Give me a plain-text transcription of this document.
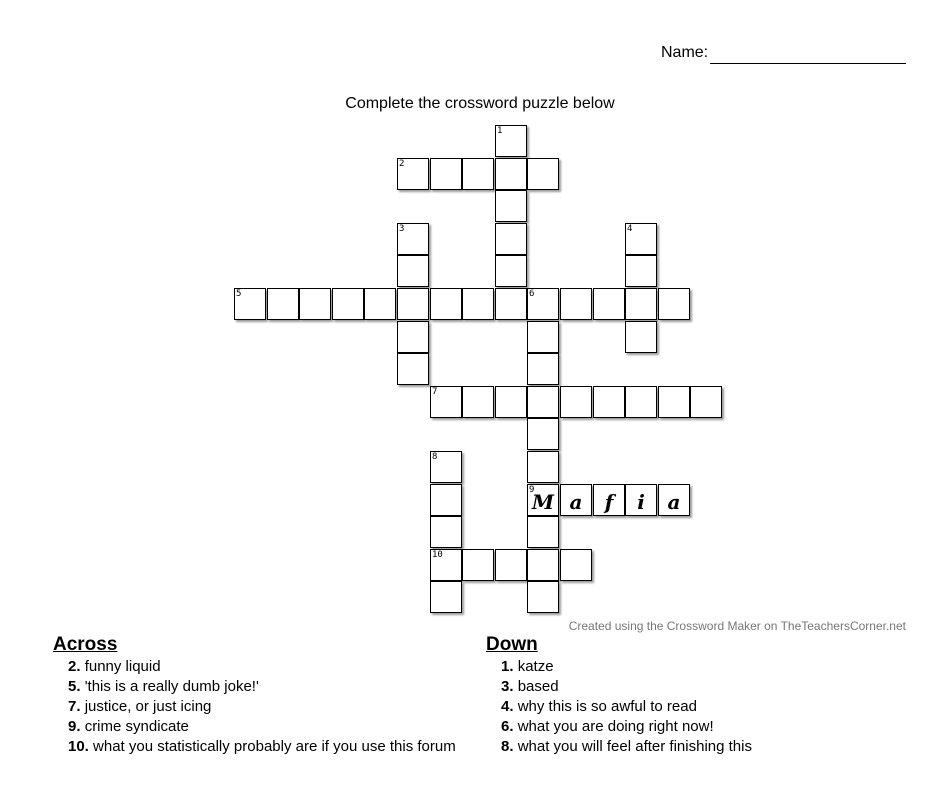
Name:
Complete the crossword puzzle below
1
2
3	4
5	6
7
8
9
M a	f	i	a
10
Created using the Crossword Maker on TheTeachersCorner.net
Across
2. funny liquid
5. 'this is a really dumb joke!'
7. justice, or just icing
9. crime syndicate
10. what you statistically probably are if you use this forum
Down
1. katze
3. based
4. why this is so awful to read
6. what you are doing right now!
8. what you will feel after finishing this
